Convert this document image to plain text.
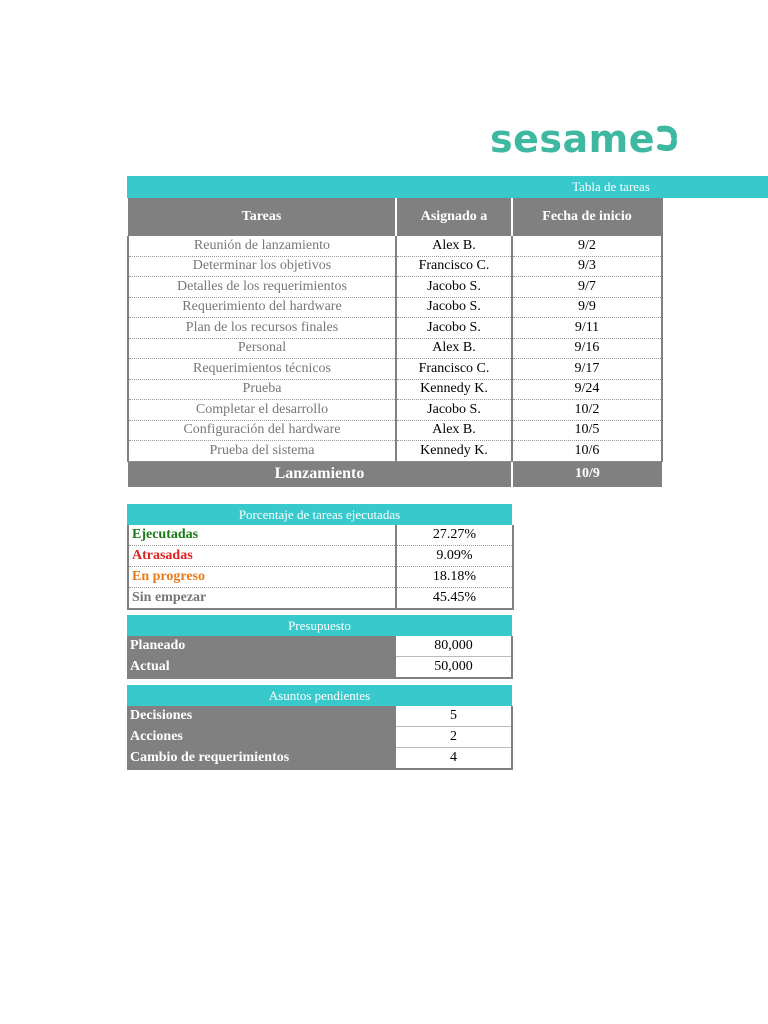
sesame
Tabla de tareas
Tareas	Asignado a	Fecha de inicio
Reunión de lanzamiento	Alex B.	9/2
Determinar los objetivos	Francisco C.	9/3
Detalles de los requerimientos	Jacobo S.	9/7
Requerimiento del hardware	Jacobo S.	9/9
Plan de los recursos finales	Jacobo S.	9/11
Personal	Alex B.	9/16
Requerimientos técnicos	Francisco C.	9/17
Prueba	Kennedy K.	9/24
Completar el desarrollo	Jacobo S.	10/2
Configuración del hardware	Alex B.	10/5
Prueba del sistema	Kennedy K.	10/6
Lanzamiento		10/9
Porcentaje de tareas ejecutadas
Ejecutadas	27.27%
Atrasadas	9.09%
En progreso	18.18%
Sin empezar	45.45%
Presupuesto
Planeado	80,000
Actual	50,000
Asuntos pendientes
Decisiones	5
Acciones	2
Cambio de requerimientos	4
